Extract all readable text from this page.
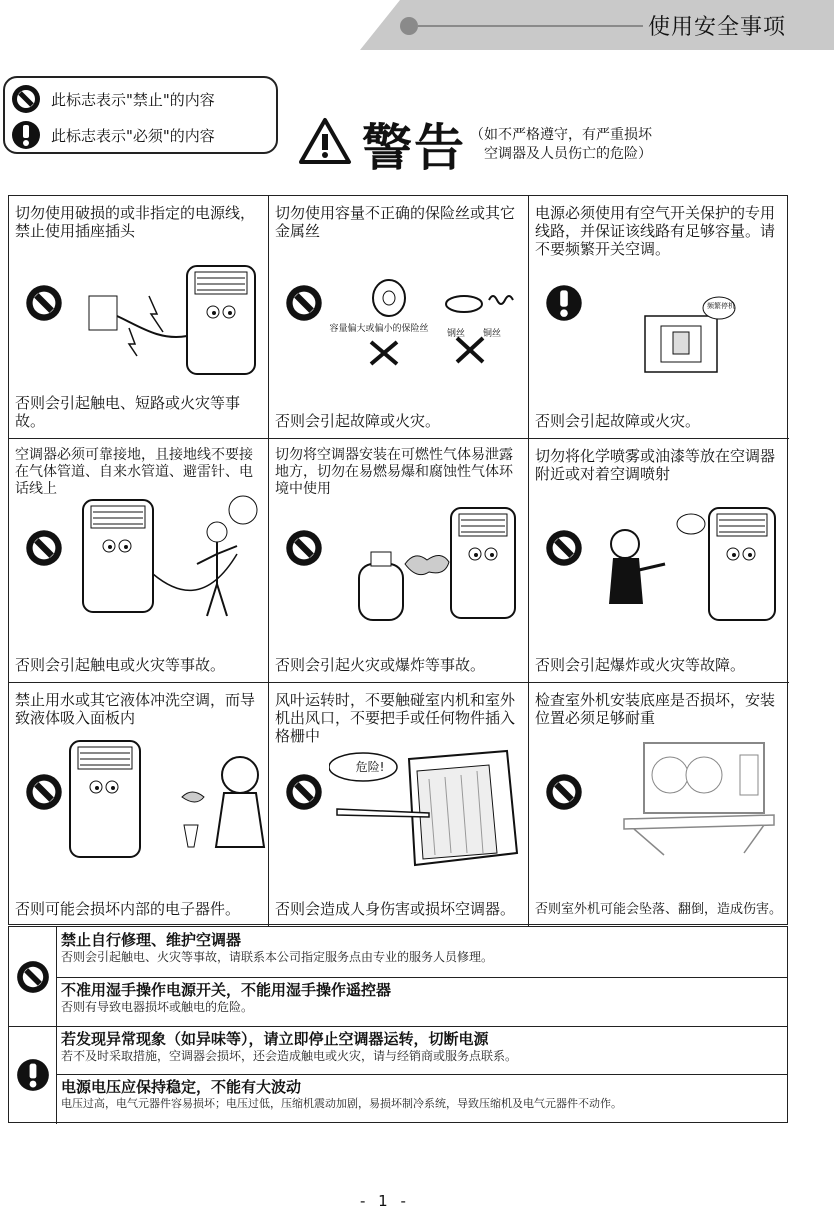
使用安全事项
此标志表示"禁止"的内容
此标志表示"必须"的内容	警告 （如不严格遵守，有严重损坏
空调器及人员伤亡的危险）
切勿使用破损的或非指定的电源线，禁止使用插座插头
否则会引起触电、短路或火灾等事故。
切勿使用容量不正确的保险丝或其它金属丝
容量偏大或偏小的保险丝 钢丝 铜丝
否则会引起故障或火灾。
电源必须使用有空气开关保护的专用线路，并保证该线路有足够容量。请不要频繁开关空调。
频繁停机
否则会引起故障或火灾。
空调器必须可靠接地，且接地线不要接在气体管道、自来水管道、避雷针、电话线上
否则会引起触电或火灾等事故。
切勿将空调器安装在可燃性气体易泄露地方，切勿在易燃易爆和腐蚀性气体环境中使用
否则会引起火灾或爆炸等事故。
切勿将化学喷雾或油漆等放在空调器附近或对着空调喷射
否则会引起爆炸或火灾等故障。
禁止用水或其它液体冲洗空调，而导致液体吸入面板内
否则可能会损坏内部的电子器件。
风叶运转时，不要触碰室内机和室外机出风口，不要把手或任何物件插入格栅中
危险!
否则会造成人身伤害或损坏空调器。
检查室外机安装底座是否损坏，安装位置必须足够耐重
否则室外机可能会坠落、翻倒，造成伤害。
禁止自行修理、维护空调器
否则会引起触电、火灾等事故，请联系本公司指定服务点由专业的服务人员修理。
不准用湿手操作电源开关，不能用湿手操作遥控器
否则有导致电器损坏或触电的危险。
若发现异常现象（如异味等），请立即停止空调器运转，切断电源
若不及时采取措施，空调器会损坏，还会造成触电或火灾，请与经销商或服务点联系。
电源电压应保持稳定，不能有大波动
电压过高，电气元器件容易损坏；电压过低，压缩机震动加剧，易损坏制冷系统，导致压缩机及电气元器件不动作。
- 1 -
